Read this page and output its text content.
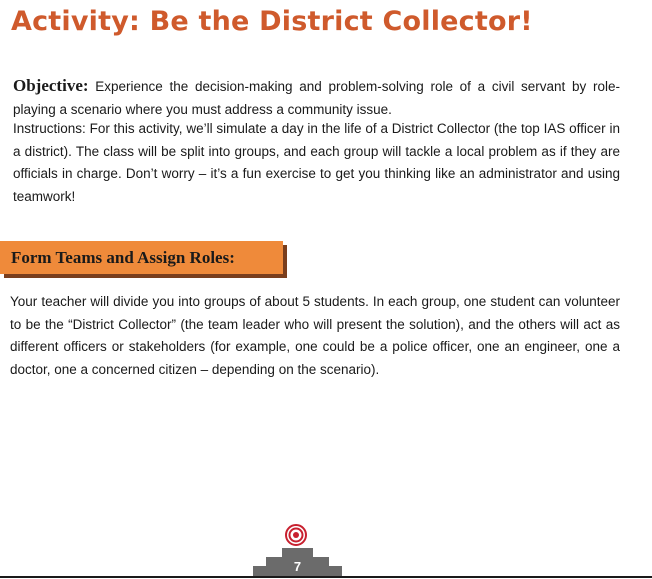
Activity: Be the District Collector!

Objective: Experience the decision-making and problem-solving role of a civil servant by role-playing a scenario where you must address a community issue.

Instructions: For this activity, we’ll simulate a day in the life of a District Collector (the top IAS officer in a district). The class will be split into groups, and each group will tackle a local problem as if they are officials in charge. Don’t worry – it’s a fun exercise to get you thinking like an administrator and using teamwork!

Form Teams and Assign Roles:

Your teacher will divide you into groups of about 5 students. In each group, one student can volunteer to be the “District Collector” (the team leader who will present the solution), and the others will act as different officers or stakeholders (for example, one could be a police officer, one an engineer, one a doctor, one a concerned citizen – depending on the scenario).

7
